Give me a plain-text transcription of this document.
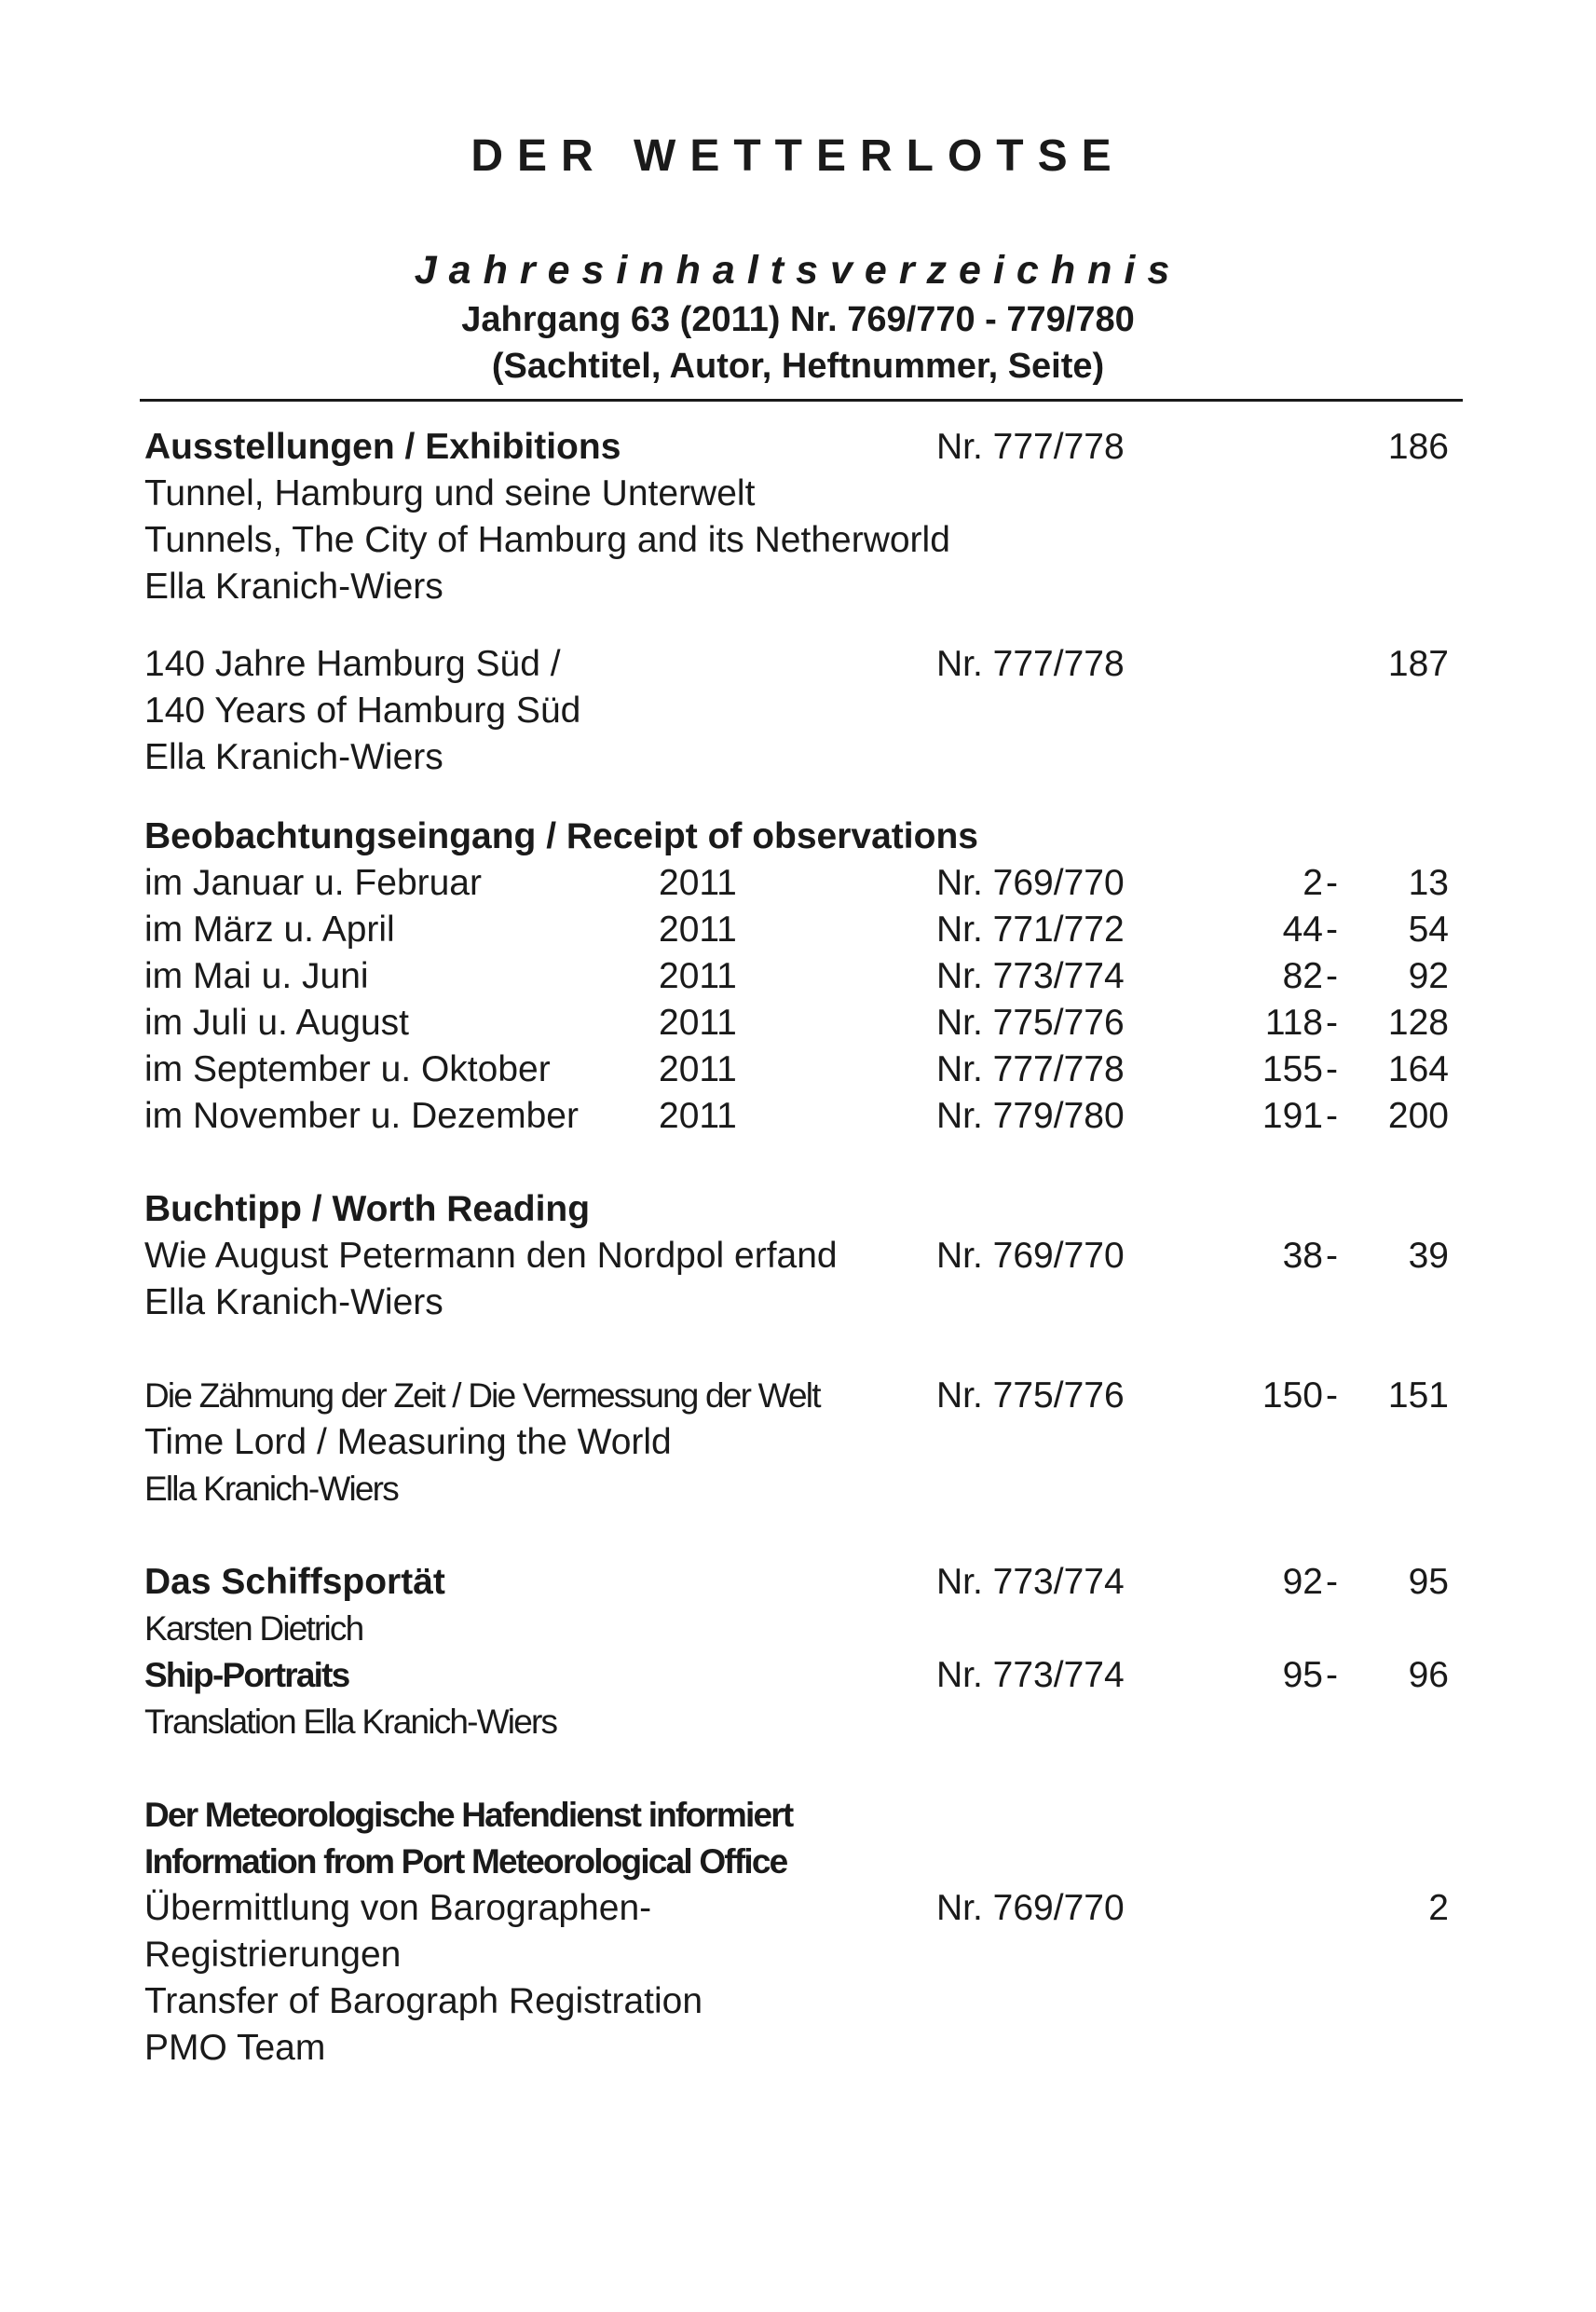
DER WETTERLOTSE
Jahresinhaltsverzeichnis
Jahrgang 63 (2011) Nr. 769/770 - 779/780
(Sachtitel, Autor, Heftnummer, Seite)
Ausstellungen / Exhibitions	Nr. 777/778	186
Tunnel, Hamburg und seine Unterwelt
Tunnels, The City of Hamburg and its Netherworld
Ella Kranich-Wiers
140 Jahre Hamburg Süd /	Nr. 777/778	187
140 Years of Hamburg Süd
Ella Kranich-Wiers
Beobachtungseingang / Receipt of observations
im Januar u. Februar	2011	Nr. 769/770	2 - 13
im März u. April	2011	Nr. 771/772	44 - 54
im Mai u. Juni	2011	Nr. 773/774	82 - 92
im Juli u. August	2011	Nr. 775/776	118 - 128
im September u. Oktober	2011	Nr. 777/778	155 - 164
im November u. Dezember 2011	Nr. 779/780	191 - 200
Buchtipp / Worth Reading
Wie August Petermann den Nordpol erfand	Nr. 769/770	38 - 39
Ella Kranich-Wiers
Die Zähmung der Zeit / Die Vermessung der Welt	Nr. 775/776	150 - 151
Time Lord / Measuring the World
Ella Kranich-Wiers
Das Schiffsportät	Nr. 773/774	92 - 95
Karsten Dietrich
Ship-Portraits	Nr. 773/774	95 - 96
Translation Ella Kranich-Wiers
Der Meteorologische Hafendienst informiert
Information from Port Meteorological Office
Übermittlung von Barographen-	Nr. 769/770	2
Registrierungen
Transfer of Barograph Registration
PMO Team
